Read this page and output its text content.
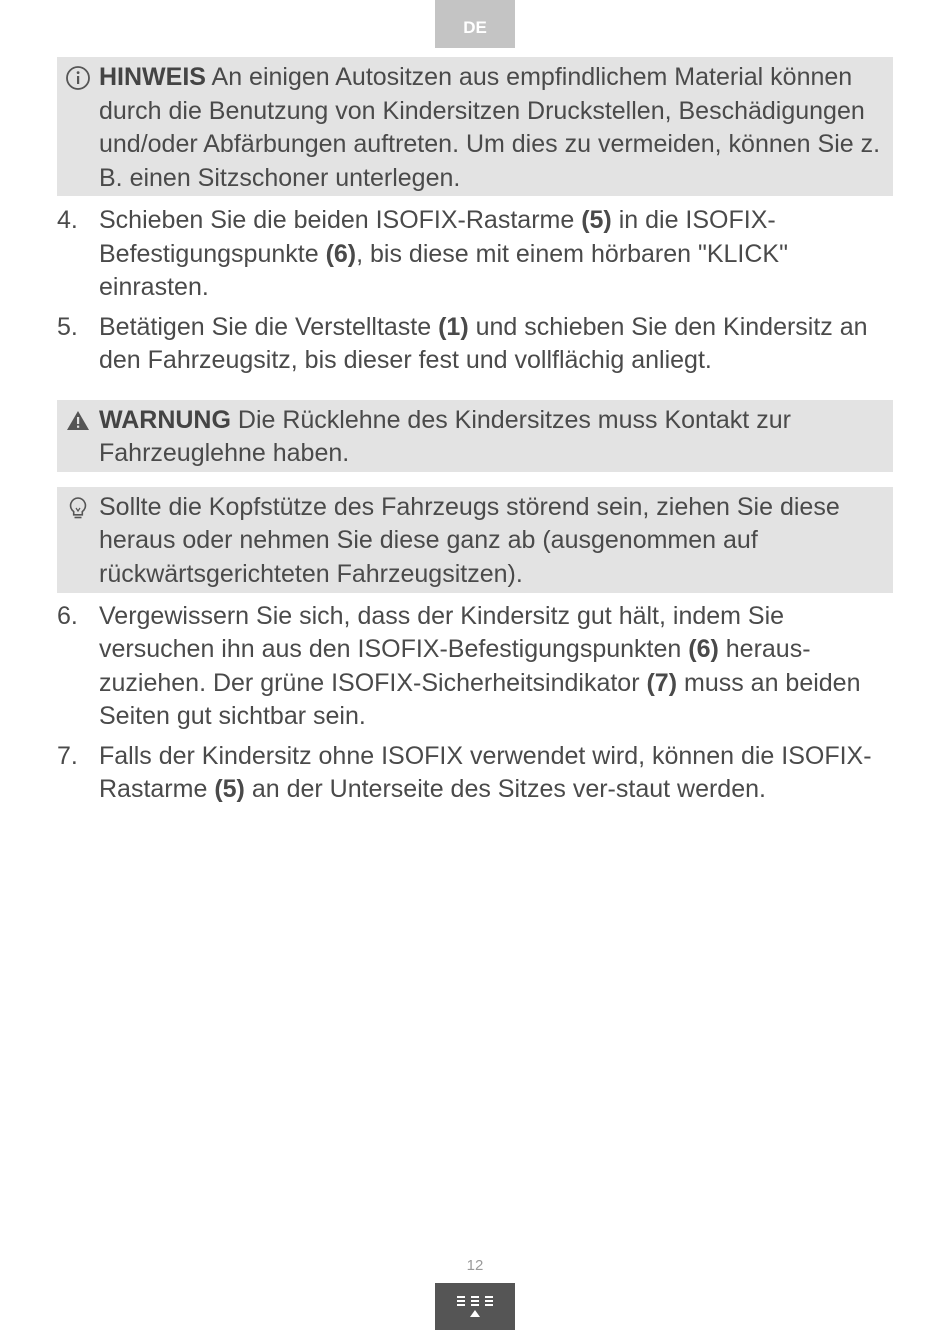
DE
HINWEIS An einigen Autositzen aus empfindlichem Material können durch die Benutzung von Kindersitzen Druckstellen, Beschädigungen und/oder Abfärbungen auftreten. Um dies zu vermeiden, können Sie z. B. einen Sitzschoner unterlegen.
4. Schieben Sie die beiden ISOFIX-Rastarme (5) in die ISOFIX-Befestigungspunkte (6), bis diese mit einem hörbaren "KLICK" einrasten.
5. Betätigen Sie die Verstelltaste (1) und schieben Sie den Kindersitz an den Fahrzeugsitz, bis dieser fest und vollflächig anliegt.
WARNUNG Die Rücklehne des Kindersitzes muss Kontakt zur Fahrzeuglehne haben.
Sollte die Kopfstütze des Fahrzeugs störend sein, ziehen Sie diese heraus oder nehmen Sie diese ganz ab (ausgenommen auf rückwärtsgerichteten Fahrzeugsitzen).
6. Vergewissern Sie sich, dass der Kindersitz gut hält, indem Sie versuchen ihn aus den ISOFIX-Befestigungspunkten (6) heraus-zuziehen. Der grüne ISOFIX-Sicherheitsindikator (7) muss an beiden Seiten gut sichtbar sein.
7. Falls der Kindersitz ohne ISOFIX verwendet wird, können die ISOFIX-Rastarme (5) an der Unterseite des Sitzes ver-staut werden.
12
